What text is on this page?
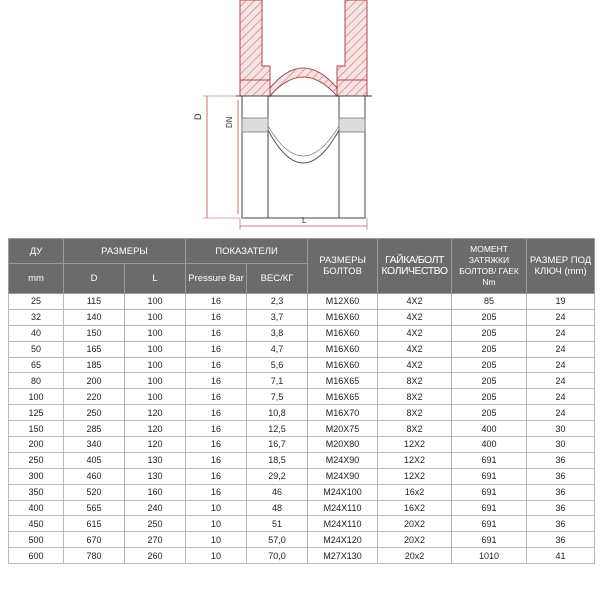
D	DN
L
ДУ	РАЗМЕРЫ		ПОКАЗАТЕЛИ		РАЗМЕРЫ БОЛТОВ	ГАЙКА/БОЛТ КОЛИЧЕСТВО	МОМЕНТ ЗАТЯЖКИ БОЛТОВ/ ГАЕК Nm	РАЗМЕР ПОД КЛЮЧ (mm)
mm	D	L	Pressure Bar	ВЕС/КГ				
25	115	100	16	2,3	M12X60	4X2	85	19
32	140	100	16	3,7	M16X60	4X2	205	24
40	150	100	16	3,8	M16X60	4X2	205	24
50	165	100	16	4,7	M16X60	4X2	205	24
65	185	100	16	5,6	M16X60	4X2	205	24
80	200	100	16	7,1	M16X65	8X2	205	24
100	220	100	16	7,5	M16X65	8X2	205	24
125	250	120	16	10,8	M16X70	8X2	205	24
150	285	120	16	12,5	M20X75	8X2	400	30
200	340	120	16	16,7	M20X80	12X2	400	30
250	405	130	16	18,5	M24X90	12X2	691	36
300	460	130	16	29,2	M24X90	12X2	691	36
350	520	160	16	46	M24X100	16x2	691	36
400	565	240	10	48	M24X110	16X2	691	36
450	615	250	10	51	M24X110	20X2	691	36
500	670	270	10	57,0	M24X120	20X2	691	36
600	780	260	10	70,0	M27X130	20x2	1010	41
